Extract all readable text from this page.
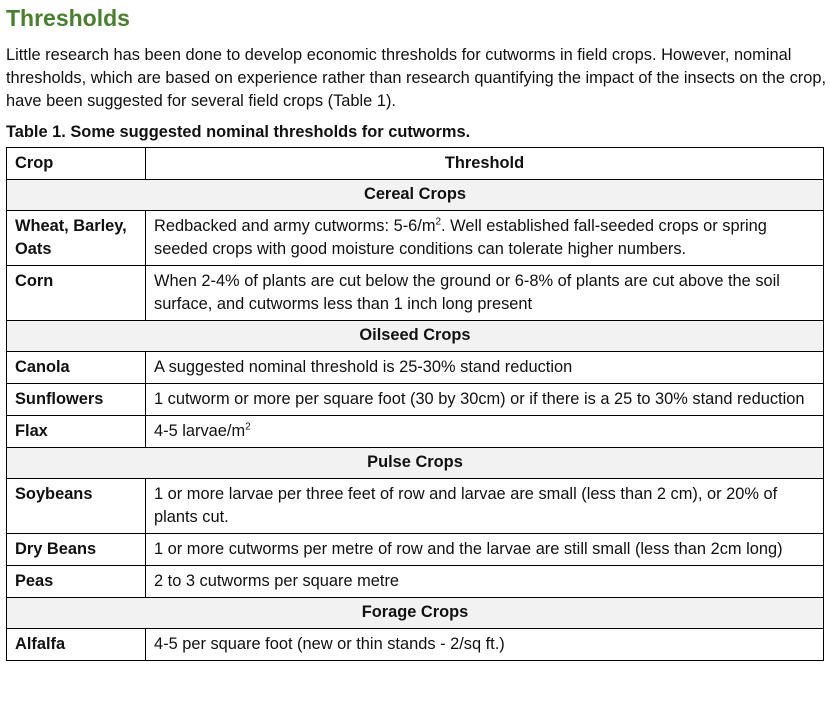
Thresholds

Little research has been done to develop economic thresholds for cutworms in field crops. However, nominal thresholds, which are based on experience rather than research quantifying the impact of the insects on the crop, have been suggested for several field crops (Table 1).

Table 1. Some suggested nominal thresholds for cutworms.

Crop	Threshold
Cereal Crops	
Wheat, Barley, Oats	Redbacked and army cutworms: $5-6/m^2$. Well established fall-seeded crops or spring seeded crops with good moisture conditions can tolerate higher numbers.
Corn	When 2-4% of plants are cut below the ground or 6-8% of plants are cut above the soil surface, and cutworms less than 1 inch long present
Oilseed Crops	
Canola	A suggested nominal threshold is 25-30% stand reduction
Sunflowers	1 cutworm or more per square foot (30 by 30cm) or if there is a 25 to 30% stand reduction
Flax	4-5 larvae/$m^2$
Pulse Crops	
Soybeans	1 or more larvae per three feet of row and larvae are small (less than 2 cm), or 20% of plants cut.
Dry Beans	1 or more cutworms per metre of row and the larvae are still small (less than 2cm long)
Peas	2 to 3 cutworms per square metre
Forage Crops	
Alfalfa	4-5 per square foot (new or thin stands - 2/sq ft.)
